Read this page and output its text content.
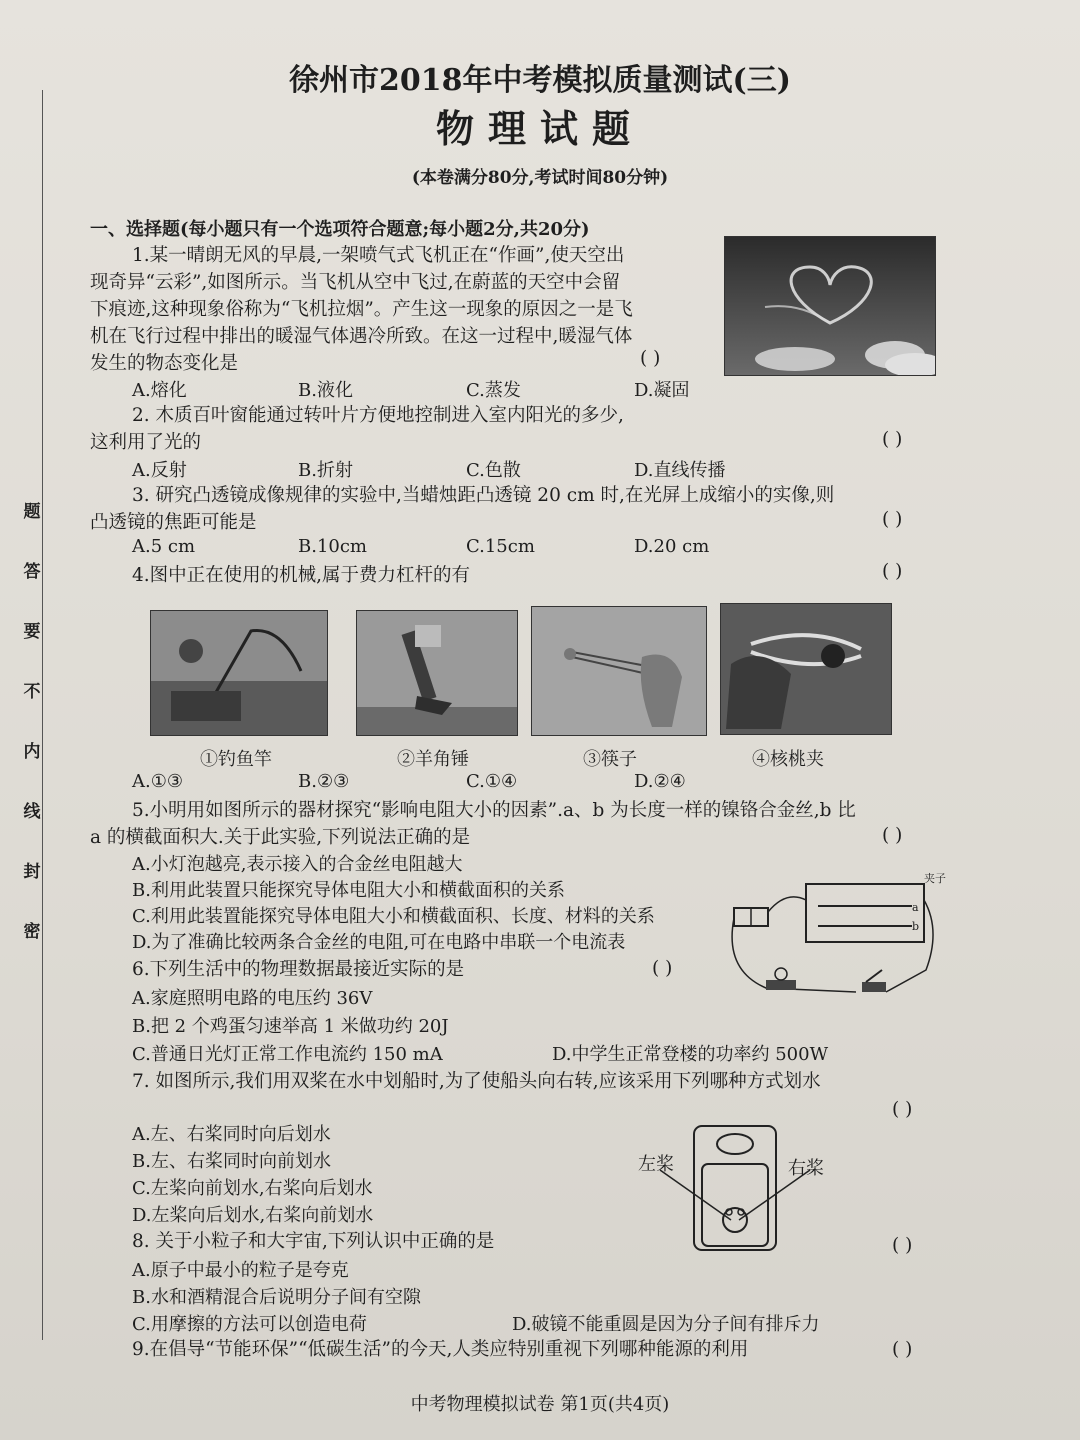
题
答
要
不
内
线
封
密
徐州市2018年中考模拟质量测试(三)
物理试题
(本卷满分80分,考试时间80分钟)
一、选择题(每小题只有一个选项符合题意;每小题2分,共20分)
1.某一晴朗无风的早晨,一架喷气式飞机正在“作画”,使天空出
现奇异“云彩”,如图所示。当飞机从空中飞过,在蔚蓝的天空中会留
下痕迹,这种现象俗称为“飞机拉烟”。产生这一现象的原因之一是飞
机在飞行过程中排出的暖湿气体遇冷所致。在这一过程中,暖湿气体
发生的物态变化是	( )
A.熔化	B.液化	C.蒸发	D.凝固
2. 木质百叶窗能通过转叶片方便地控制进入室内阳光的多少,
这利用了光的	( )
A.反射	B.折射	C.色散	D.直线传播
3. 研究凸透镜成像规律的实验中,当蜡烛距凸透镜 20 cm 时,在光屏上成缩小的实像,则
凸透镜的焦距可能是	( )
A.5 cm	B.10cm	C.15cm	D.20 cm
4.图中正在使用的机械,属于费力杠杆的有	( )
①钓鱼竿	②羊角锤	③筷子	④核桃夹
A.①③	B.②③	C.①④	D.②④
5.小明用如图所示的器材探究“影响电阻大小的因素”.a、b 为长度一样的镍铬合金丝,b 比
a 的横截面积大.关于此实验,下列说法正确的是	( )
A.小灯泡越亮,表示接入的合金丝电阻越大
B.利用此装置只能探究导体电阻大小和横截面积的关系
C.利用此装置能探究导体电阻大小和横截面积、长度、材料的关系
D.为了准确比较两条合金丝的电阻,可在电路中串联一个电流表
夹子
a
b
6.下列生活中的物理数据最接近实际的是	( )
A.家庭照明电路的电压约 36V
B.把 2 个鸡蛋匀速举高 1 米做功约 20J
C.普通日光灯正常工作电流约 150 mA	D.中学生正常登楼的功率约 500W
7. 如图所示,我们用双桨在水中划船时,为了使船头向右转,应该采用下列哪种方式划水
( )
A.左、右桨同时向后划水
B.左、右桨同时向前划水
C.左桨向前划水,右桨向后划水
D.左桨向后划水,右桨向前划水
左桨	右桨
8. 关于小粒子和大宇宙,下列认识中正确的是	( )
A.原子中最小的粒子是夸克
B.水和酒精混合后说明分子间有空隙
C.用摩擦的方法可以创造电荷	D.破镜不能重圆是因为分子间有排斥力
9.在倡导“节能环保”“低碳生活”的今天,人类应特别重视下列哪种能源的利用	( )
中考物理模拟试卷 第1页(共4页)
